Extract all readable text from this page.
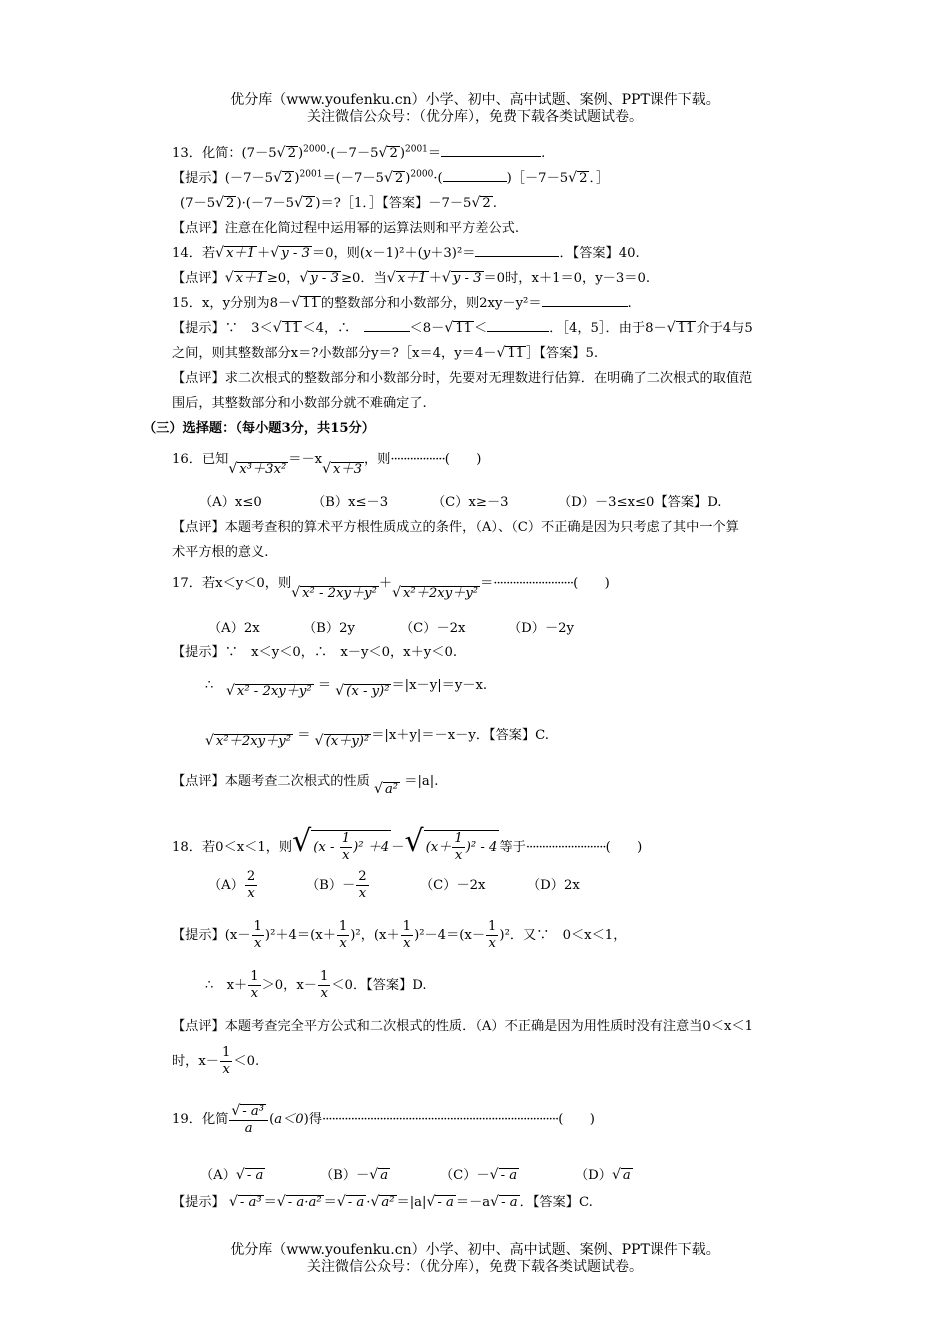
优分库（www.youfenku.cn）小学、初中、高中试题、案例、PPT课件下载。
关注微信公众号：（优分库），免费下载各类试题试卷。
13．化简：(7－5√ 2 )$^{2000}$·(－7－5√ 2 )$^{2001}$＝	.
【提示】(－7－5√ 2 )$^{2001}$＝(－7－5√ 2 )$^{2000}$·(	)［－7－5√ 2 ．］
(7－5√ 2 )·(－7－5√ 2 )＝?［1．］【答案】－7－5√ 2 .
【点评】注意在化简过程中运用幂的运算法则和平方差公式.
14．若√ x＋1 ＋√ y - 3 ＝0，则(x－1)²＋(y＋3)²＝	．【答案】40.
【点评】√ x＋1 ≥0，√ y - 3 ≥0．当√ x＋1 ＋√ y - 3 ＝0时，x＋1＝0，y－3＝0.
15．x，y分别为8－√ 11 的整数部分和小数部分，则2xy－y²＝	.
【提示】∵　3＜√ 11 ＜4，∴　	＜8－√ 11 ＜	．［4，5］．由于8－√ 11 介于4与5
之间，则其整数部分x＝?小数部分y＝?［x＝4，y＝4－√ 11 ］【答案】5.
【点评】求二次根式的整数部分和小数部分时，先要对无理数进行估算．在明确了二次根式的取值范
围后，其整数部分和小数部分就不难确定了.
（三）选择题：（每小题3分，共15分）
16．已知√ x³＋3x²＝－x√ x＋3，则·················(　　)
（A）x≤0	（B）x≤－3	（C）x≥－3	（D）－3≤x≤0【答案】D.
【点评】本题考查积的算术平方根性质成立的条件，（A）、（C）不正确是因为只考虑了其中一个算
术平方根的意义.
17．若x＜y＜0，则√ x² - 2xy＋y²＋√ x²＋2xy＋y²＝·························(　　)
（A）2x	（B）2y	（C）－2x	（D）－2y
【提示】∵　x＜y＜0，∴　x－y＜0，x＋y＜0.
∴ √ x² - 2xy＋y² ＝ √ (x - y)² ＝|x－y|＝y－x.
√ x²＋2xy＋y² ＝ √ (x＋y)² ＝|x＋y|＝－x－y．【答案】C.
【点评】本题考查二次根式的性质 √ a² ＝|a|.
18．若0＜x＜1，则√ $(x - \frac{1}{x} )^2 +4$ －√ $(x+ \frac{1}{x} )^2 - 4$ 等于·························(　　)
$(A) \frac{2}{x}$	$(B)- \frac{2}{x}$	（C）－2x	（D）2x
【提示】$(x- \frac{1}{x} )^2+4=(x+ \frac{1}{x} )^2$，$(x+ \frac{1}{x} )^2-4=(x- \frac{1}{x} )^2$．又∵　0＜x＜1，
∴　$x+ \frac{1}{x} >0$，$x- \frac{1}{x} <0$．【答案】D.
【点评】本题考查完全平方公式和二次根式的性质．（A）不正确是因为用性质时没有注意当0＜x＜1
时，$x- \frac{1}{x} <0$.
19．化简 $\frac{\text{√ - a³}}{a} (a<0)$得··········································································(　　)
（A）√ - a	（B）－√ a	（C）－√ - a	（D）√ a
【提示】 √ - a³ ＝√ - a·a² ＝√ - a ·√ a² ＝|a|√ - a ＝－a√ - a ．【答案】C.
优分库（www.youfenku.cn）小学、初中、高中试题、案例、PPT课件下载。
关注微信公众号：（优分库），免费下载各类试题试卷。
